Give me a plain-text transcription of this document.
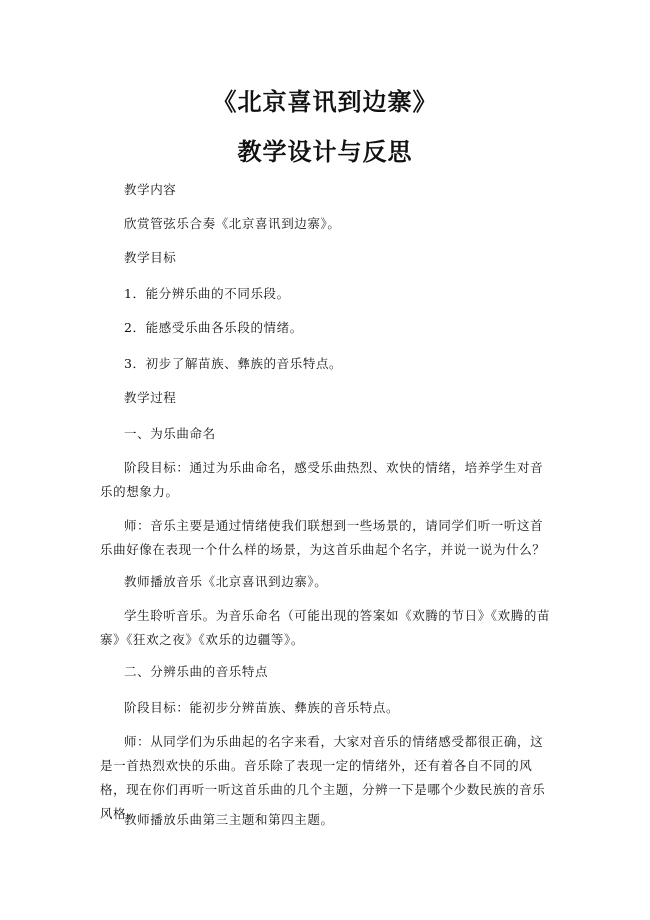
《北京喜讯到边寨》
教学设计与反思
教学内容
欣赏管弦乐合奏《北京喜讯到边寨》。
教学目标
1．能分辨乐曲的不同乐段。
2．能感受乐曲各乐段的情绪。
3．初步了解苗族、彝族的音乐特点。
教学过程
一、为乐曲命名
阶段目标：通过为乐曲命名，感受乐曲热烈、欢快的情绪，培养学生对音乐的想象力。
师：音乐主要是通过情绪使我们联想到一些场景的，请同学们听一听这首乐曲好像在表现一个什么样的场景，为这首乐曲起个名字，并说一说为什么？
教师播放音乐《北京喜讯到边寨》。
学生聆听音乐。为音乐命名（可能出现的答案如《欢腾的节日》《欢腾的苗寨》《狂欢之夜》《欢乐的边疆等》。
二、分辨乐曲的音乐特点
阶段目标：能初步分辨苗族、彝族的音乐特点。
师：从同学们为乐曲起的名字来看，大家对音乐的情绪感受都很正确，这是一首热烈欢快的乐曲。音乐除了表现一定的情绪外，还有着各自不同的风格，现在你们再听一听这首乐曲的几个主题，分辨一下是哪个少数民族的音乐风格。
教师播放乐曲第三主题和第四主题。
